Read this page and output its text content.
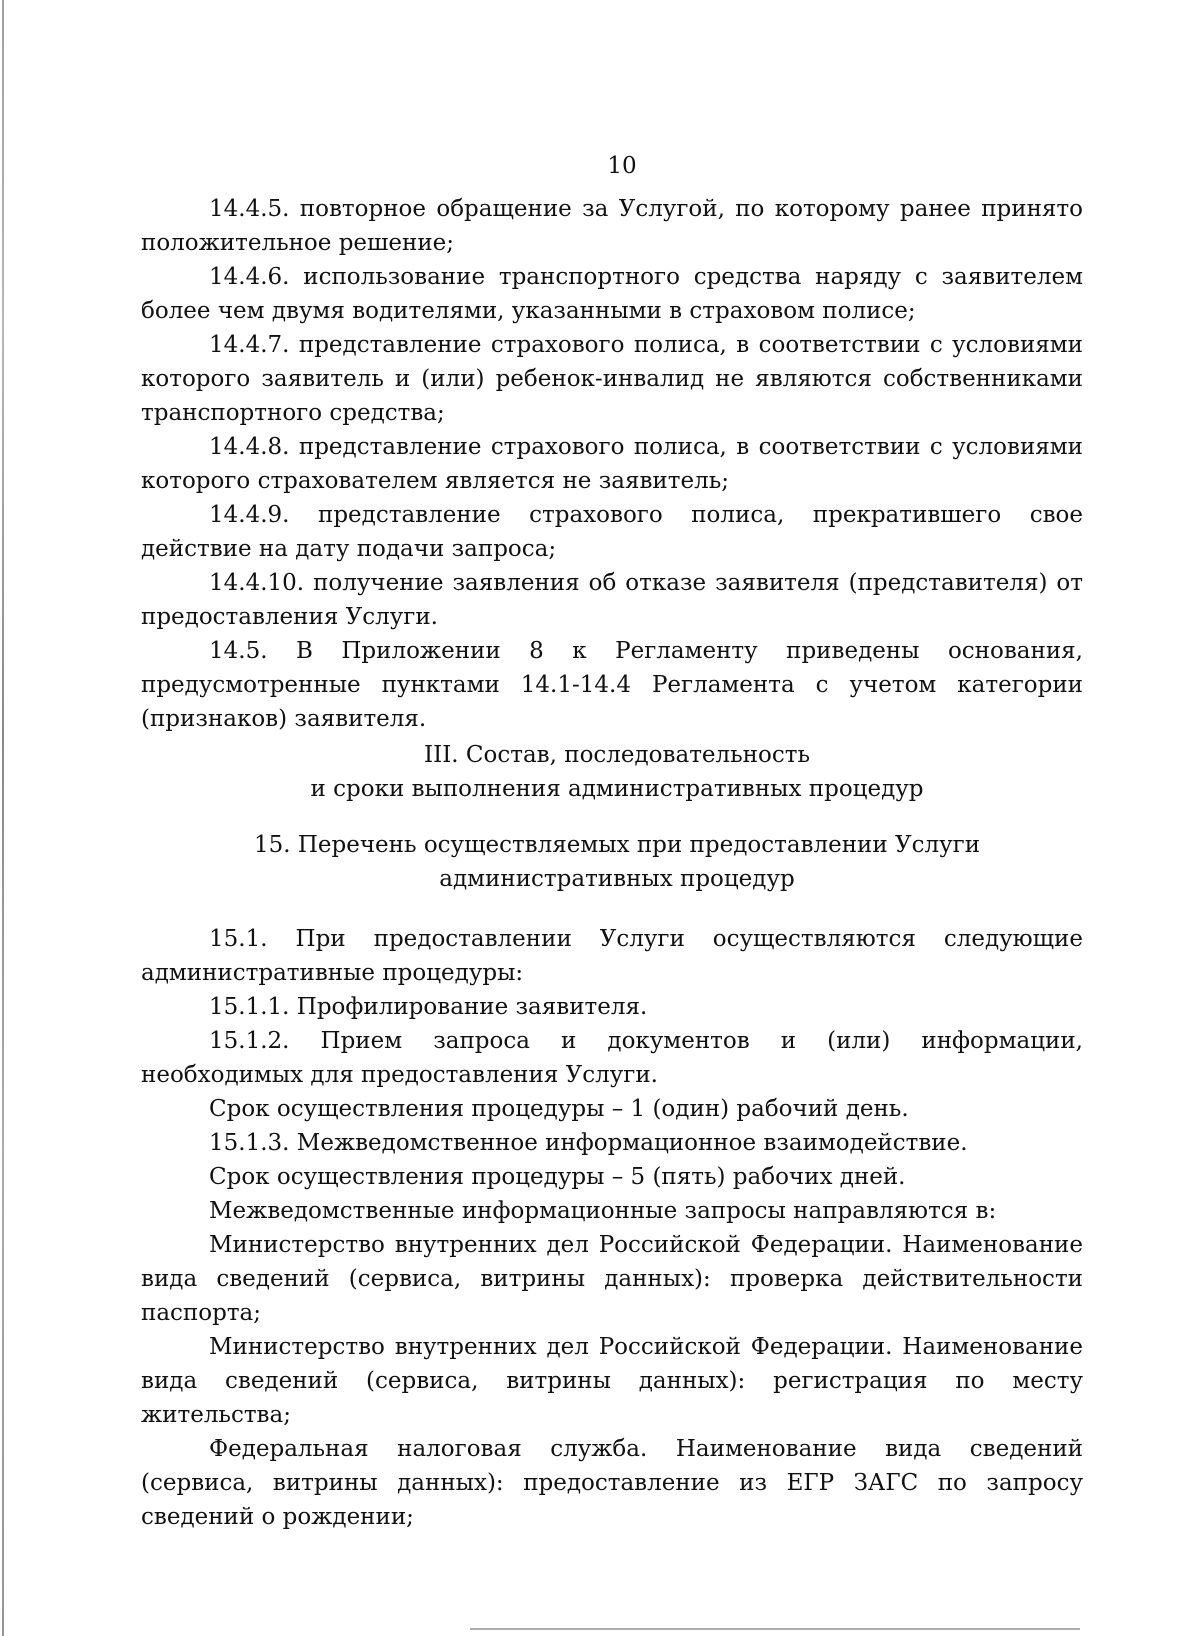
10

14.4.5. повторное обращение за Услугой, по которому ранее принято положительное решение;

14.4.6. использование транспортного средства наряду с заявителем более чем двумя водителями, указанными в страховом полисе;

14.4.7. представление страхового полиса, в соответствии с условиями которого заявитель и (или) ребенок-инвалид не являются собственниками транспортного средства;

14.4.8. представление страхового полиса, в соответствии с условиями которого страхователем является не заявитель;

14.4.9. представление страхового полиса, прекратившего свое действие на дату подачи запроса;

14.4.10. получение заявления об отказе заявителя (представителя) от предоставления Услуги.

14.5. В Приложении 8 к Регламенту приведены основания, предусмотренные пунктами 14.1-14.4 Регламента с учетом категории (признаков) заявителя.

III. Состав, последовательность

и сроки выполнения административных процедур

15. Перечень осуществляемых при предоставлении Услуги

административных процедур

15.1. При предоставлении Услуги осуществляются следующие административные процедуры:

15.1.1. Профилирование заявителя.

15.1.2. Прием запроса и документов и (или) информации, необходимых для предоставления Услуги.

Срок осуществления процедуры – 1 (один) рабочий день.

15.1.3. Межведомственное информационное взаимодействие.

Срок осуществления процедуры – 5 (пять) рабочих дней.

Межведомственные информационные запросы направляются в:

Министерство внутренних дел Российской Федерации. Наименование вида сведений (сервиса, витрины данных): проверка действительности паспорта;

Министерство внутренних дел Российской Федерации. Наименование вида сведений (сервиса, витрины данных): регистрация по месту жительства;

Федеральная налоговая служба. Наименование вида сведений (сервиса, витрины данных): предоставление из ЕГР ЗАГС по запросу сведений о рождении;
